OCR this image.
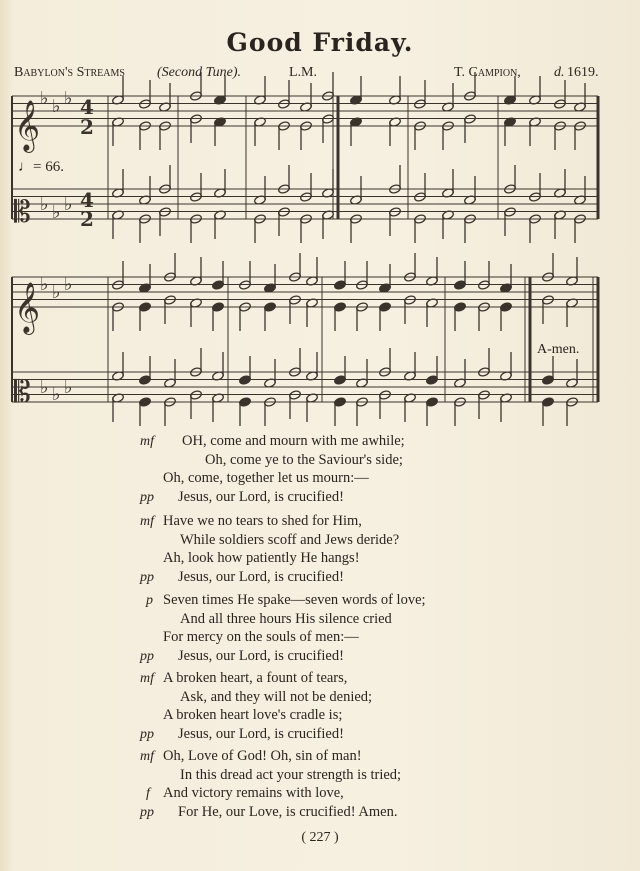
Good Friday.
Babylon's Streams (Second Tune).	L.M.	T. Campion, d. 1619.
𝄞
𝄡
𝄞
𝄡
♭ ♭ ♭
♭ ♭ ♭
♭ ♭ ♭
♭ ♭ ♭
4
2
4
2
♩= 66.
A-men.
mf OH, come and mourn with me awhile;
Oh, come ye to the Saviour's side;
Oh, come, together let us mourn:—
pp Jesus, our Lord, is crucified!
mf Have we no tears to shed for Him,
While soldiers scoff and Jews deride?
Ah, look how patiently He hangs!
pp Jesus, our Lord, is crucified!
p Seven times He spake—seven words of love;
And all three hours His silence cried
For mercy on the souls of men:—
pp Jesus, our Lord, is crucified!
mf A broken heart, a fount of tears,
Ask, and they will not be denied;
A broken heart love's cradle is;
pp Jesus, our Lord, is crucified!
mf Oh, Love of God! Oh, sin of man!
In this dread act your strength is tried;
f And victory remains with love,
pp For He, our Love, is crucified! Amen.
( 227 )
